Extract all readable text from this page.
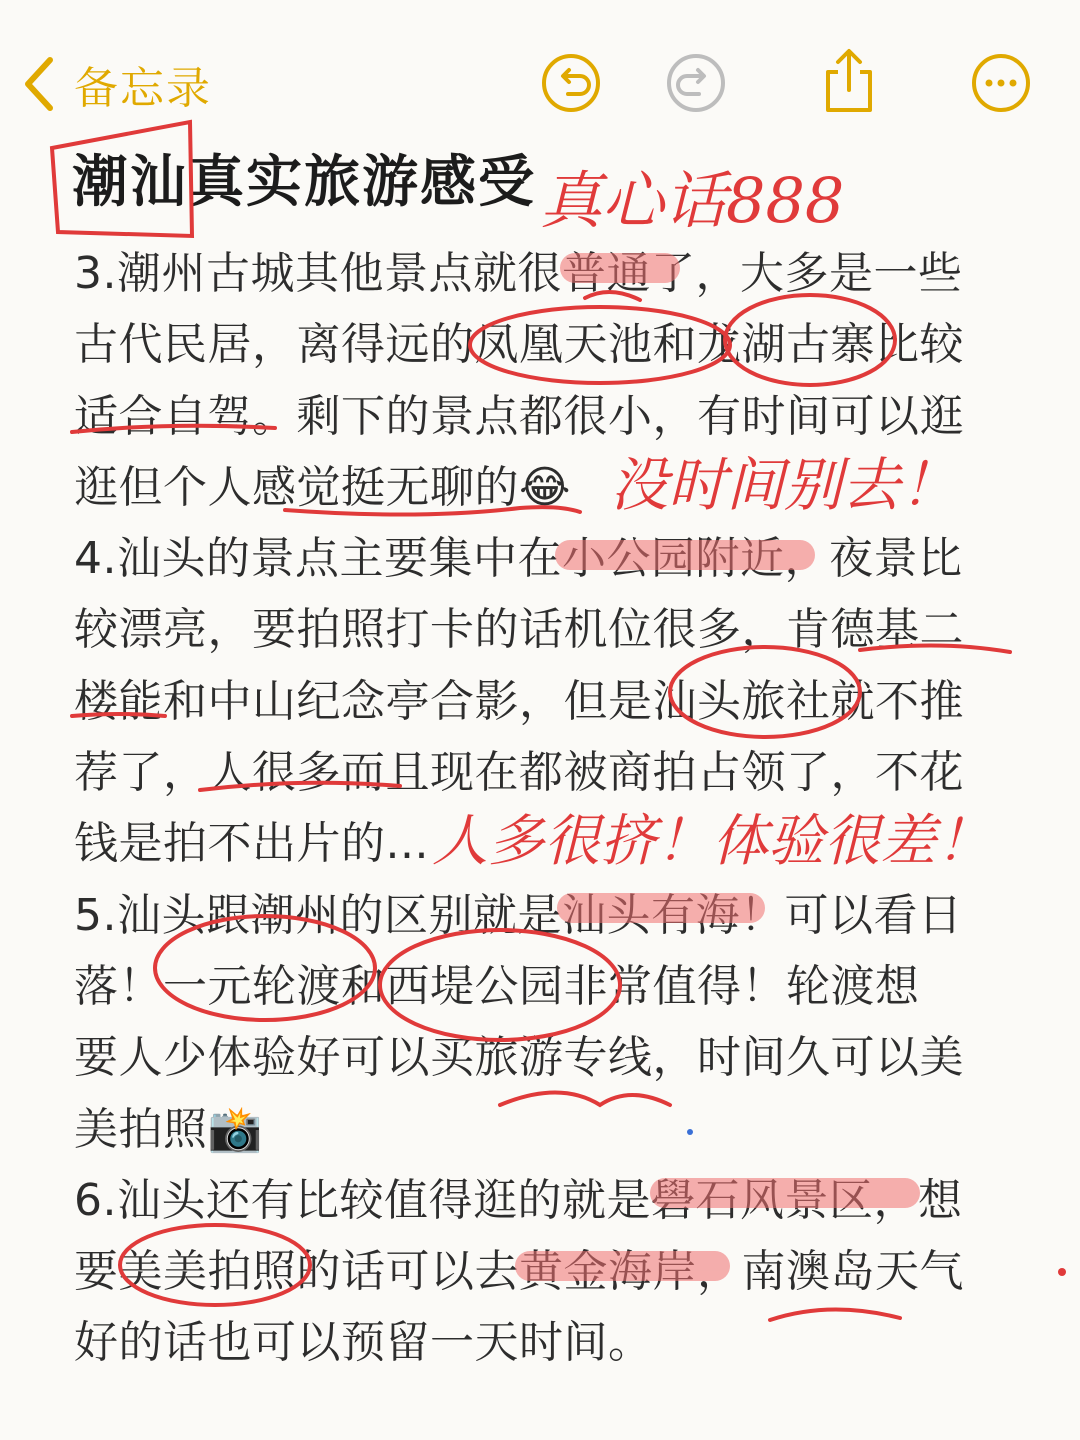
备忘录
潮汕真实旅游感受
3.潮州古城其他景点就很普通了，大多是一些
古代民居，离得远的凤凰天池和龙湖古寨比较
适合自驾。剩下的景点都很小，有时间可以逛
逛但个人感觉挺无聊的😂
4.汕头的景点主要集中在小公园附近，夜景比
较漂亮，要拍照打卡的话机位很多，肯德基二
楼能和中山纪念亭合影，但是汕头旅社就不推
荐了，人很多而且现在都被商拍占领了，不花
钱是拍不出片的...
5.汕头跟潮州的区别就是汕头有海！可以看日
落！一元轮渡和西堤公园非常值得！轮渡想
要人少体验好可以买旅游专线，时间久可以美
美拍照📸
6.汕头还有比较值得逛的就是礐石风景区，想
要美美拍照的话可以去黄金海岸，南澳岛天气
好的话也可以预留一天时间。
真心话888
没时间别去！
人多很挤！体验很差！
